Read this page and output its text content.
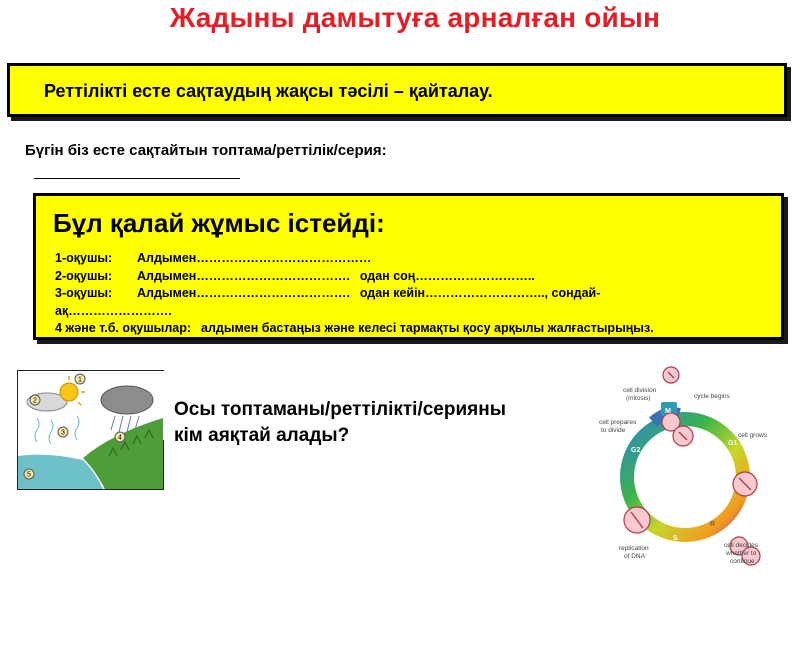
Жадыны дамытуға арналған ойын
Реттілікті есте сақтаудың жақсы тәсілі – қайталау.
Бүгін біз есте сақтайтын топтама/реттілік/серия:
Бұл қалай жұмыс істейді:
1-оқушы: Алдымен……………………………………
2-оқушы: Алдымен………………………………. одан соң………………………..
3-оқушы: Алдымен………………………………. одан кейін……………………….., сондай-
ақ…………………….
4 және т.б. оқушылар: алдымен бастаңыз және келесі тармақты қосу арқылы жалғастырыңыз.
1
2
3
4
5
Осы топтаманы/реттілікті/серияны
кім аяқтай алады?
cell division
(mitosis)	cycle begins
cell prepares
to divide
cell grows
cell decides
whether to
continue
replication
of DNA
M
G1
G2
S
R
